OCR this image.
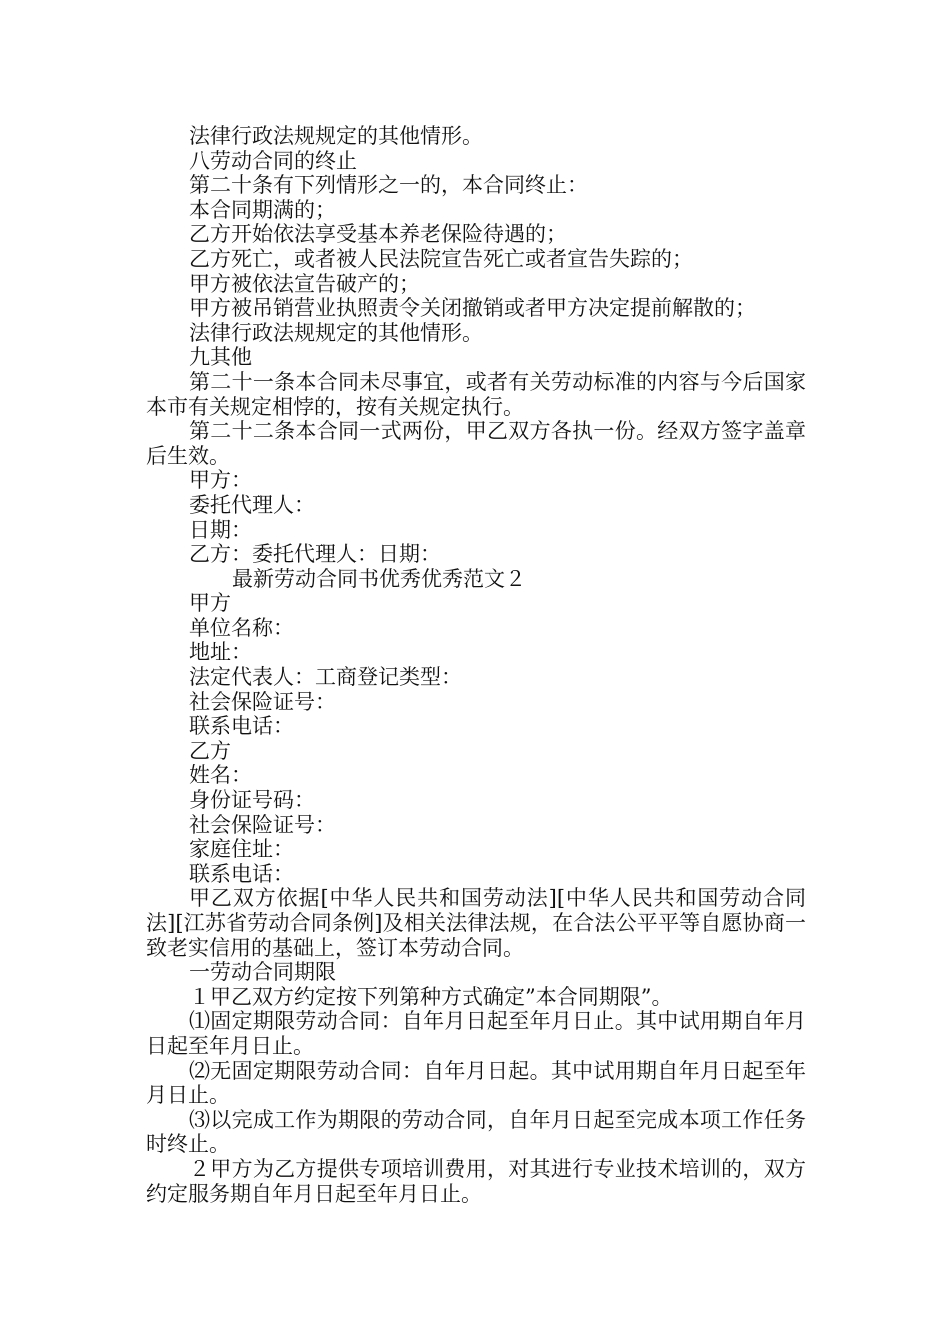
法律行政法规规定的其他情形。

八劳动合同的终止

第二十条有下列情形之一的，本合同终止：

本合同期满的；

乙方开始依法享受基本养老保险待遇的；

乙方死亡，或者被人民法院宣告死亡或者宣告失踪的；

甲方被依法宣告破产的；

甲方被吊销营业执照责令关闭撤销或者甲方决定提前解散的；

法律行政法规规定的其他情形。

九其他

第二十一条本合同未尽事宜，或者有关劳动标准的内容与今后国家本市有关规定相悖的，按有关规定执行。

第二十二条本合同一式两份，甲乙双方各执一份。经双方签字盖章后生效。

甲方：

委托代理人：

日期：

乙方：委托代理人：日期：

最新劳动合同书优秀优秀范文２

甲方

单位名称：

地址：

法定代表人：工商登记类型：

社会保险证号：

联系电话：

乙方

姓名：

身份证号码：

社会保险证号：

家庭住址：

联系电话：

甲乙双方依据[中华人民共和国劳动法][中华人民共和国劳动合同法][江苏省劳动合同条例]及相关法律法规，在合法公平平等自愿协商一致老实信用的基础上，签订本劳动合同。

一劳动合同期限

１甲乙双方约定按下列第种方式确定”本合同期限”。

⑴固定期限劳动合同：自年月日起至年月日止。其中试用期自年月日起至年月日止。

⑵无固定期限劳动合同：自年月日起。其中试用期自年月日起至年月日止。

⑶以完成工作为期限的劳动合同，自年月日起至完成本项工作任务时终止。

２甲方为乙方提供专项培训费用，对其进行专业技术培训的，双方约定服务期自年月日起至年月日止。
